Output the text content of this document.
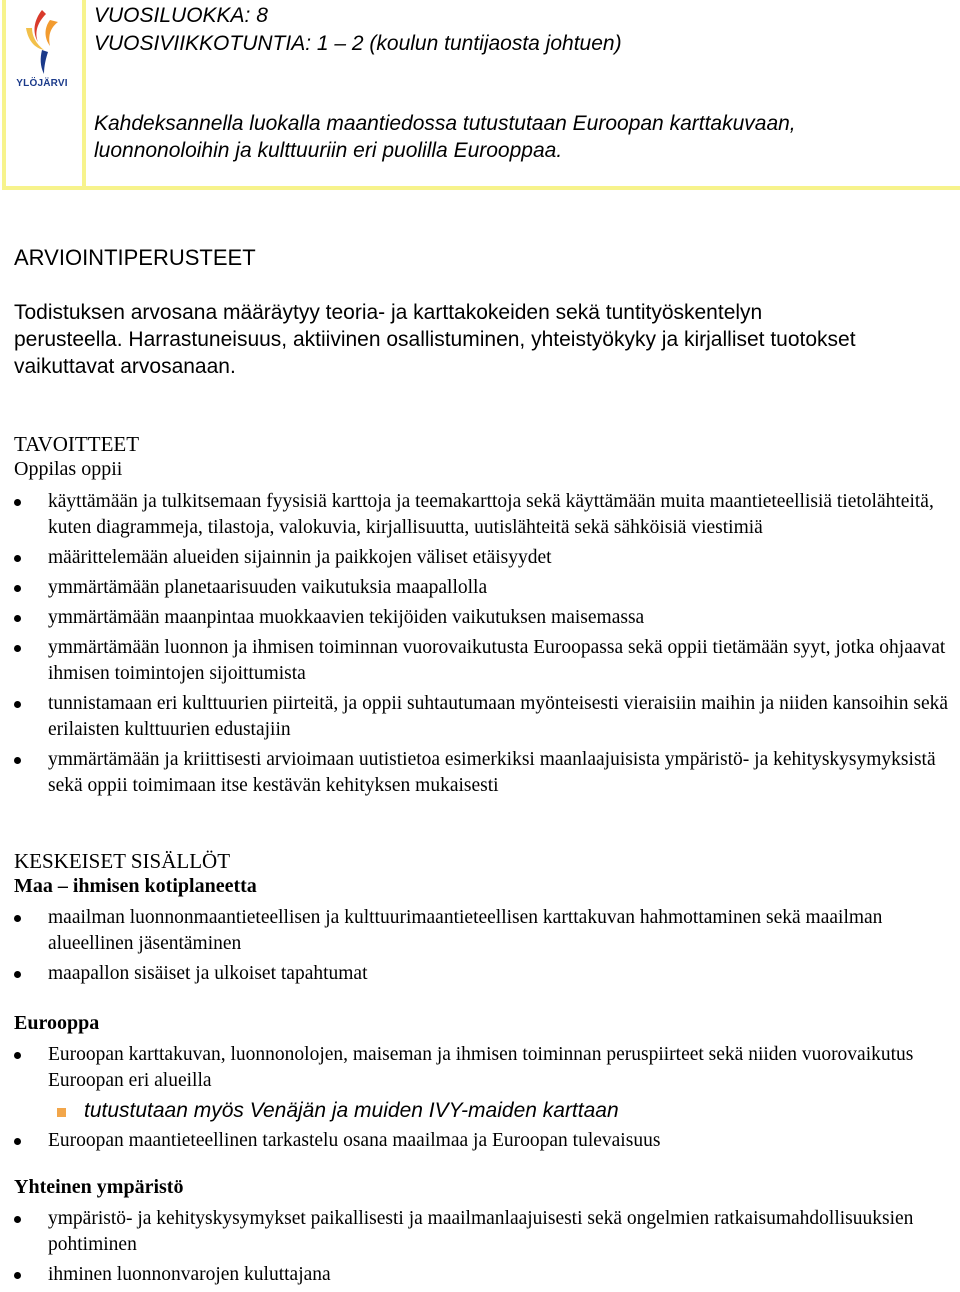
YLÖJÄRVI
VUOSILUOKKA: 8
VUOSIVIIKKOTUNTIA: 1 – 2 (koulun tuntijaosta johtuen)
Kahdeksannella luokalla maantiedossa tutustutaan Euroopan karttakuvaan,
luonnonoloihin ja kulttuuriin eri puolilla Eurooppaa.
ARVIOINTIPERUSTEET
Todistuksen arvosana määräytyy teoria- ja karttakokeiden sekä tuntityöskentelyn
perusteella. Harrastuneisuus, aktiivinen osallistuminen, yhteistyökyky ja kirjalliset tuotokset
vaikuttavat arvosanaan.
TAVOITTEET
Oppilas oppii
käyttämään ja tulkitsemaan fyysisiä karttoja ja teemakarttoja sekä käyttämään muita maantieteellisiä tietolähteitä, kuten diagrammeja, tilastoja, valokuvia, kirjallisuutta, uutislähteitä sekä sähköisiä viestimiä
määrittelemään alueiden sijainnin ja paikkojen väliset etäisyydet
ymmärtämään planetaarisuuden vaikutuksia maapallolla
ymmärtämään maanpintaa muokkaavien tekijöiden vaikutuksen maisemassa
ymmärtämään luonnon ja ihmisen toiminnan vuorovaikutusta Euroopassa sekä oppii tietämään syyt, jotka ohjaavat ihmisen toimintojen sijoittumista
tunnistamaan eri kulttuurien piirteitä, ja oppii suhtautumaan myönteisesti vieraisiin maihin ja niiden kansoihin sekä erilaisten kulttuurien edustajiin
ymmärtämään ja kriittisesti arvioimaan uutistietoa esimerkiksi maanlaajuisista ympäristö- ja kehityskysymyksistä sekä oppii toimimaan itse kestävän kehityksen mukaisesti
KESKEISET SISÄLLÖT
Maa – ihmisen kotiplaneetta
maailman luonnonmaantieteellisen ja kulttuurimaantieteellisen karttakuvan hahmottaminen sekä maailman alueellinen jäsentäminen
maapallon sisäiset ja ulkoiset tapahtumat
Eurooppa
Euroopan karttakuvan, luonnonolojen, maiseman ja ihmisen toiminnan peruspiirteet sekä niiden vuorovaikutus Euroopan eri alueilla
tutustutaan myös Venäjän ja muiden IVY-maiden karttaan
Euroopan maantieteellinen tarkastelu osana maailmaa ja Euroopan tulevaisuus
Yhteinen ympäristö
ympäristö- ja kehityskysymykset paikallisesti ja maailmanlaajuisesti sekä ongelmien ratkaisumahdollisuuksien pohtiminen
ihminen luonnonvarojen kuluttajana
